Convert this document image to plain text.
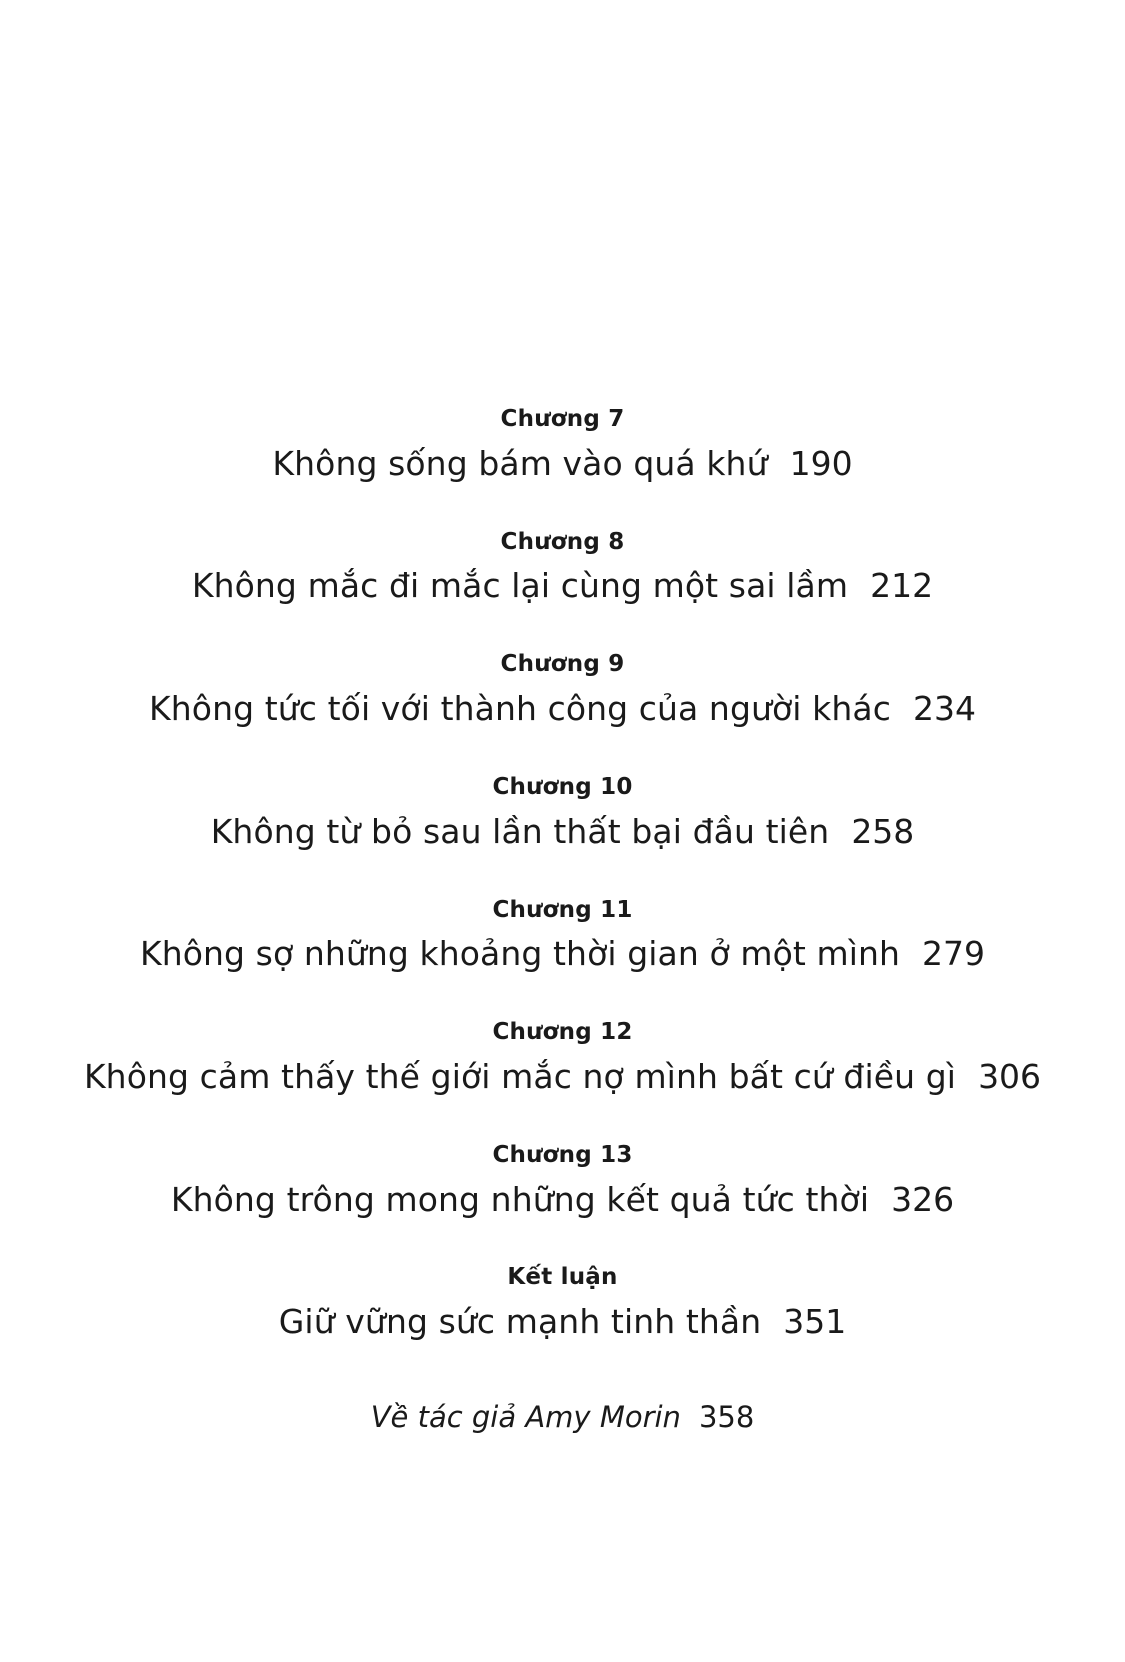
Chương 7
Không sống bám vào quá khứ 190
Chương 8
Không mắc đi mắc lại cùng một sai lầm 212
Chương 9
Không tức tối với thành công của người khác 234
Chương 10
Không từ bỏ sau lần thất bại đầu tiên 258
Chương 11
Không sợ những khoảng thời gian ở một mình 279
Chương 12
Không cảm thấy thế giới mắc nợ mình bất cứ điều gì 306
Chương 13
Không trông mong những kết quả tức thời 326
Kết luận
Giữ vững sức mạnh tinh thần 351
Về tác giả Amy Morin 358
